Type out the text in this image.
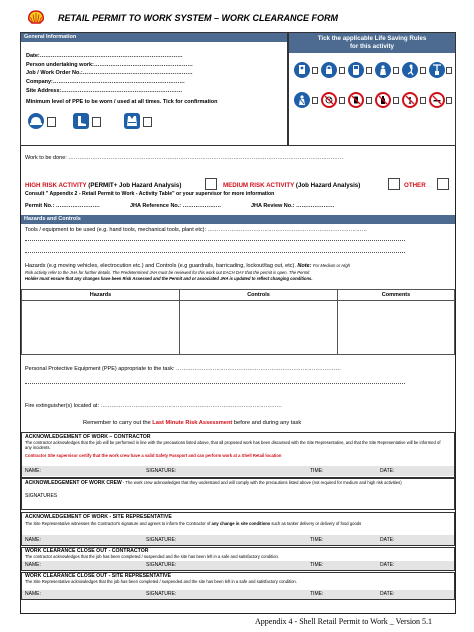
RETAIL PERMIT TO WORK SYSTEM – WORK CLEARANCE FORM
General Information
Date:……………………………………………………………………
Person undertaking work:………………………………………………
Job / Work Order No.:……………………………………………………
Company:………………………………………………………………
Site Address:…………………………………………………………
Minimum level of PPE to be worn / used at all times. Tick for confirmation
Tick the applicable Life Saving Rules
for this activity
Work to be done: ……………………………………………………………………………………………………………………………………
HIGH RISK ACTIVITY (PERMIT+ Job Hazard Analysis)	MEDIUM RISK ACTIVITY (Job Hazard Analysis)	OTHER
Consult " Appendix 2 - Retail Permit to Work - Activity Table" or your supervisor for more information
Permit No.: ……………………	JHA Reference No.: …………………	JHA Review No.: …………………
Hazards and Controls
Tools / equipment to be used (e.g. hand tools, mechanical tools, plant etc): ……………………………………………………………………………
Hazards (e.g moving vehicles, electrocution etc.) and Controls (e.g guardrails, barricading, lockout/tag out, etc). Note: For Medium or High
Risk activity refer to the JHA for further details. The Predetermined JHA must be reviewed for this work out EACH DAY that the permit is open. The Permit
Holder must ensure that any changes have been Risk Assessed and the Permit and or associated JHA is updated to reflect changing conditions.
Hazards	Controls	Comments

Personal Protective Equipment (PPE) appropriate to the task: ………………………………………………………………………………
Fire extinguisher(s) located at: ………………………………………………………………………………………
Remember to carry out the Last Minute Risk Assessment before and during any task
ACKNOWLEDGEMENT OF WORK – CONTRACTOR
The contractor acknowledges that the job will be performed in line with the precautions listed above, that all proposed work has been discussed with the Site Representative, and that the Site Representative will be informed of any incidents.
Contractor Site supervisor certify that the work crew have a valid Safety Passport and can perform work at a Shell Retail location
NAME:	SIGNATURE:	TIME:	DATE:
ACKNOWLEDGEMENT OF WORK CREW - The work crew acknowledges that they understand and will comply with the precautions listed above (not required for medium and high risk activities)
SIGNATURES
ACKNOWLEDGEMENT OF WORK - SITE REPRESENTATIVE
The Site Representative witnesses the Contractor's signature and agrees to inform the Contractor of any change in site conditions such as tanker delivery or delivery of food goods
NAME:	SIGNATURE:	TIME:	DATE:
WORK CLEARANCE CLOSE OUT - CONTRACTOR
The contractor acknowledges that the job has been completed / suspended and the site has been left in a safe and satisfactory condition.
NAME:	SIGNATURE:	TIME:	DATE:
WORK CLEARANCE CLOSE OUT - SITE REPRESENTATIVE
The Site Representative acknowledges that the job has been completed / suspended and the site has been left in a safe and satisfactory condition.
NAME:	SIGNATURE:	TIME:	DATE:
Appendix 4 - Shell Retail Permit to Work _ Version 5.1
